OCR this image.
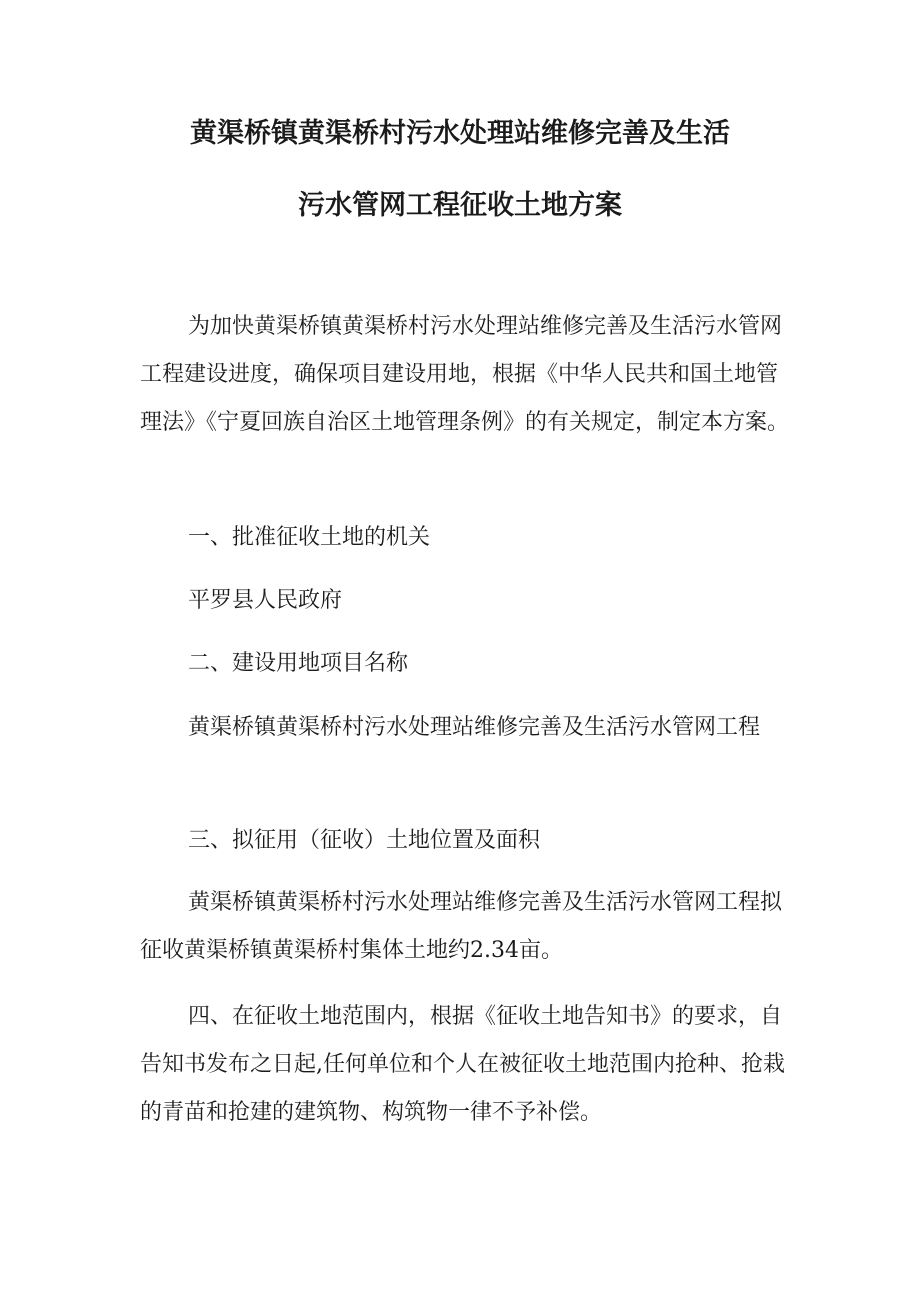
黄渠桥镇黄渠桥村污水处理站维修完善及生活
污水管网工程征收土地方案

为加快黄渠桥镇黄渠桥村污水处理站维修完善及生活污水管网工程建设进度，确保项目建设用地，根据《中华人民共和国土地管理法》《宁夏回族自治区土地管理条例》的有关规定，制定本方案。

一、批准征收土地的机关

平罗县人民政府

二、建设用地项目名称

黄渠桥镇黄渠桥村污水处理站维修完善及生活污水管网工程

三、拟征用（征收）土地位置及面积

黄渠桥镇黄渠桥村污水处理站维修完善及生活污水管网工程拟征收黄渠桥镇黄渠桥村集体土地约2.34亩。

四、在征收土地范围内，根据《征收土地告知书》的要求，自告知书发布之日起,任何单位和个人在被征收土地范围内抢种、抢栽的青苗和抢建的建筑物、构筑物一律不予补偿。
